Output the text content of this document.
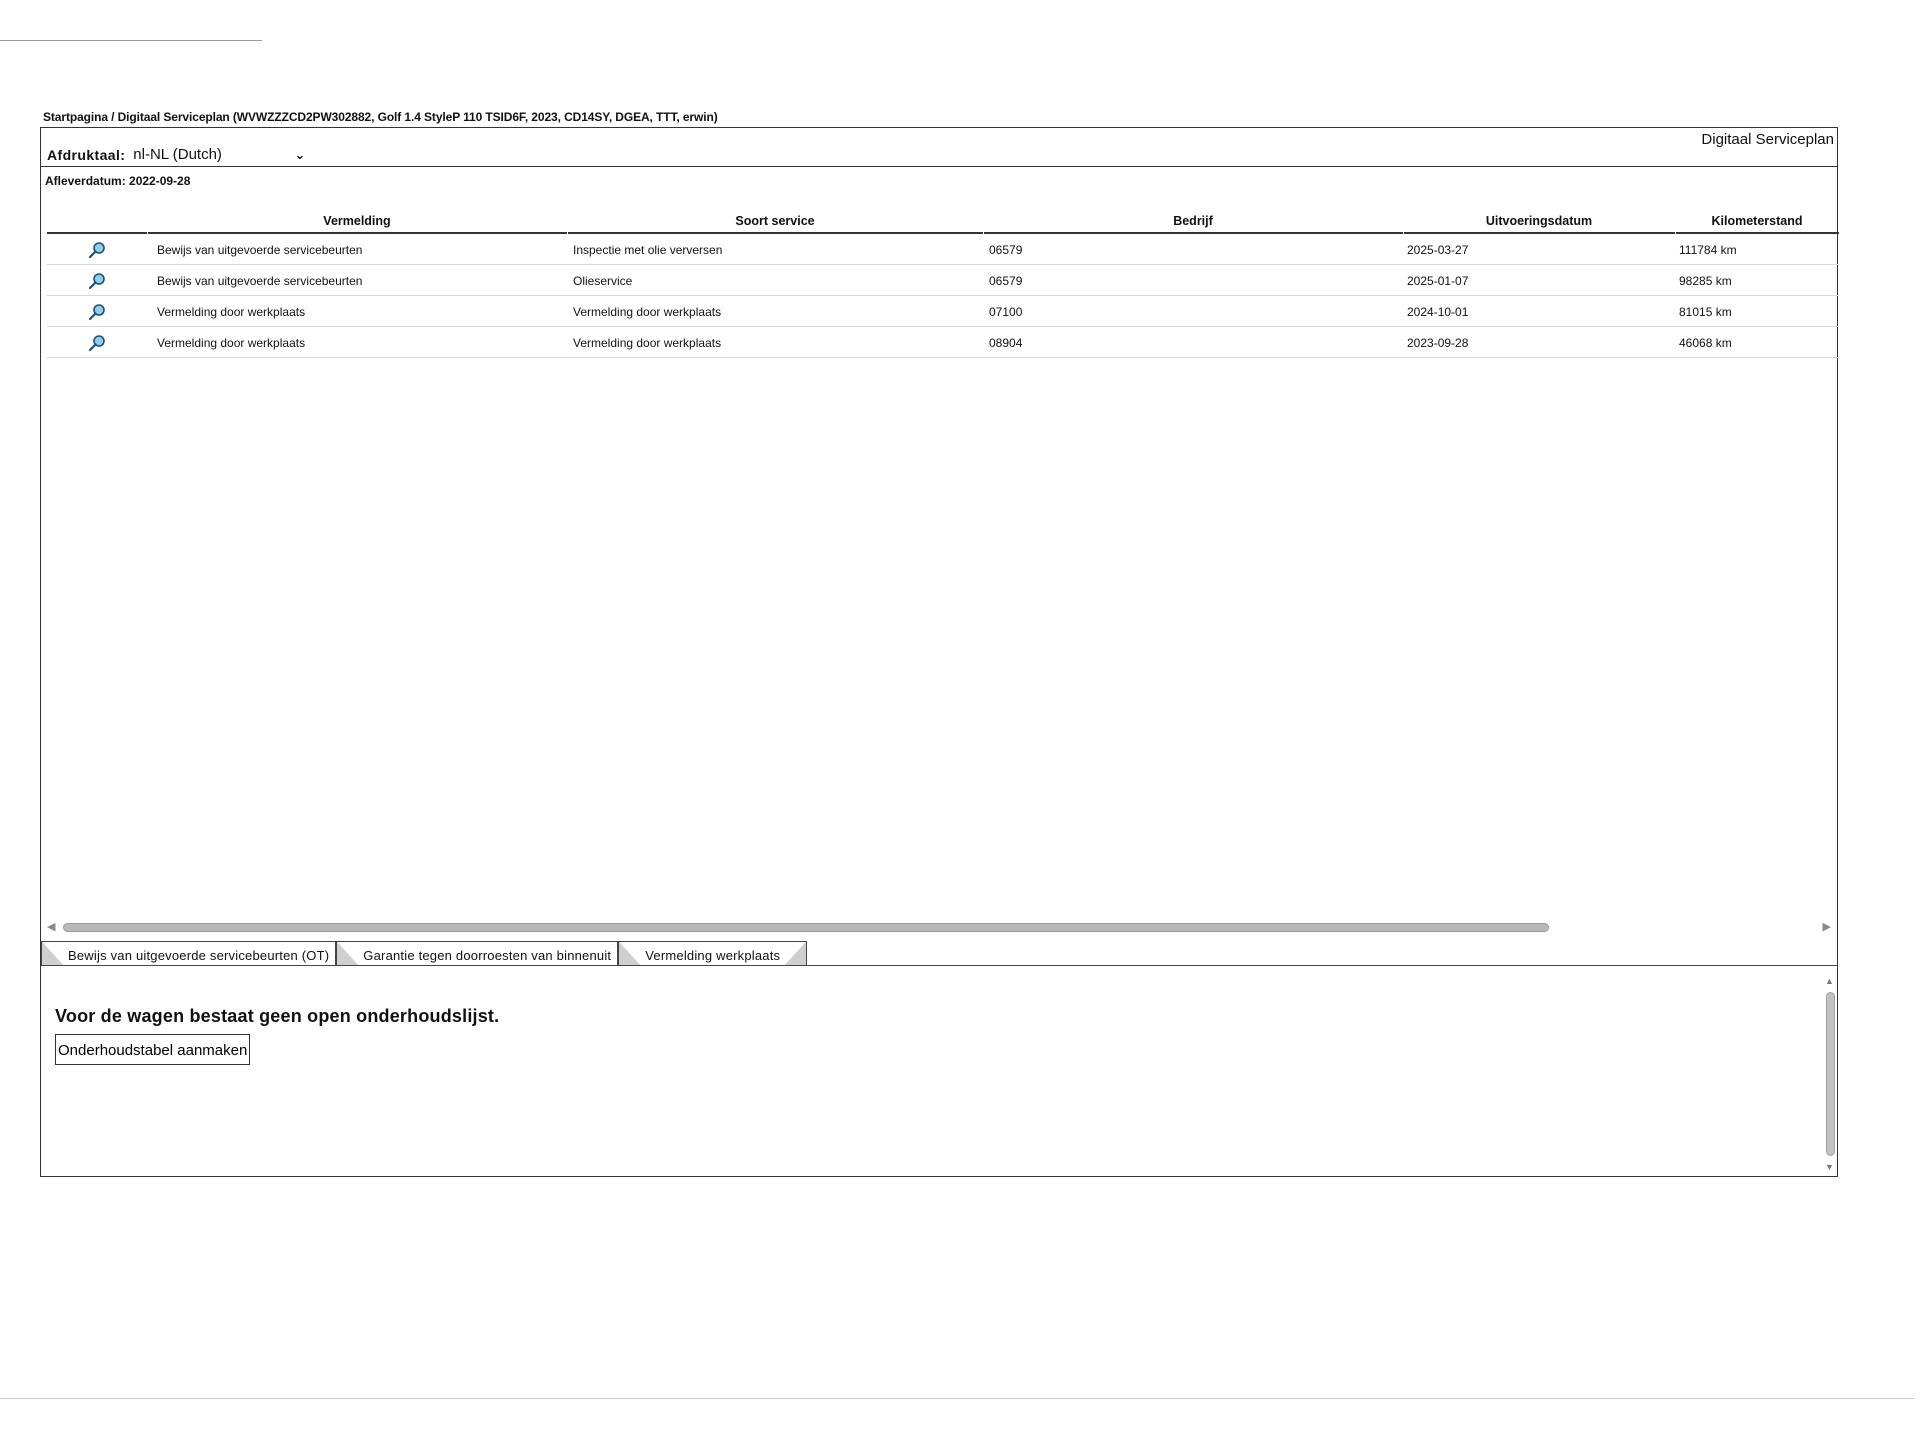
Startpagina / Digitaal Serviceplan (WVWZZZCD2PW302882, Golf 1.4 StyleP 110 TSID6F, 2023, CD14SY, DGEA, TTT, erwin)
Digitaal Serviceplan
Afdruktaal: nl-NL (Dutch)	⌄
Afleverdatum: 2022-09-28
Vermelding	Soort service	Bedrijf	Uitvoeringsdatum	Kilometerstand
Bewijs van uitgevoerde servicebeurten	Inspectie met olie verversen	06579	2025-03-27	111784 km
Bewijs van uitgevoerde servicebeurten	Olieservice	06579	2025-01-07	98285 km
Vermelding door werkplaats	Vermelding door werkplaats	07100	2024-10-01	81015 km
Vermelding door werkplaats	Vermelding door werkplaats	08904	2023-09-28	46068 km
◀	▶
Bewijs van uitgevoerde servicebeurten (OT)	Garantie tegen doorroesten van binnenuit	Vermelding werkplaats
Voor de wagen bestaat geen open onderhoudslijst.
Onderhoudstabel aanmaken
▲
▼
